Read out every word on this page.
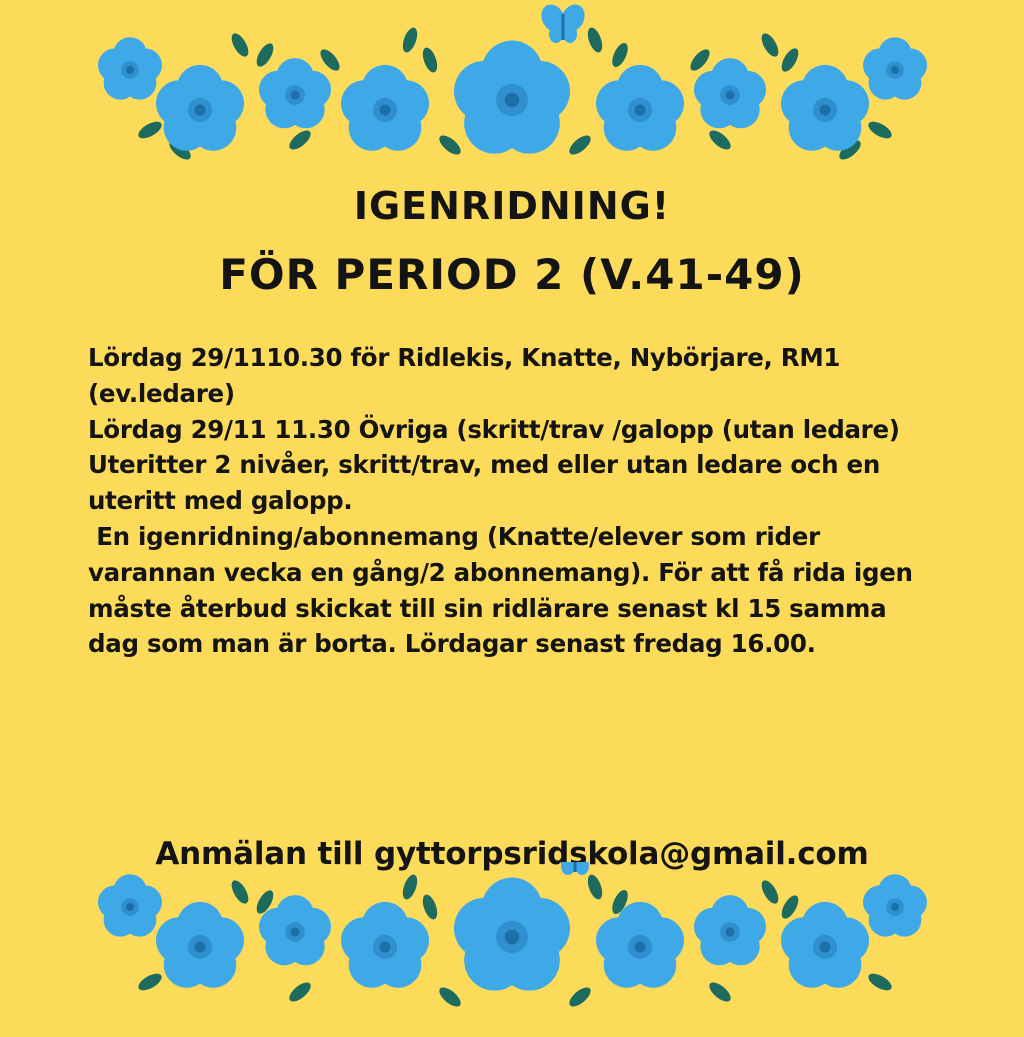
IGENRIDNING!
FÖR PERIOD 2 (V.41-49)

Lördag 29/1110.30 för Ridlekis, Knatte, Nybörjare, RM1 (ev.ledare)

Lördag 29/11 11.30 Övriga (skritt/trav /galopp (utan ledare)

Uteritter 2 nivåer, skritt/trav, med eller utan ledare och en uteritt med galopp.

En igenridning/abonnemang (Knatte/elever som rider varannan vecka en gång/2 abonnemang). För att få rida igen måste återbud skickat till sin ridlärare senast kl 15 samma dag som man är borta. Lördagar senast fredag 16.00.

Anmälan till gyttorpsridskola@gmail.com
